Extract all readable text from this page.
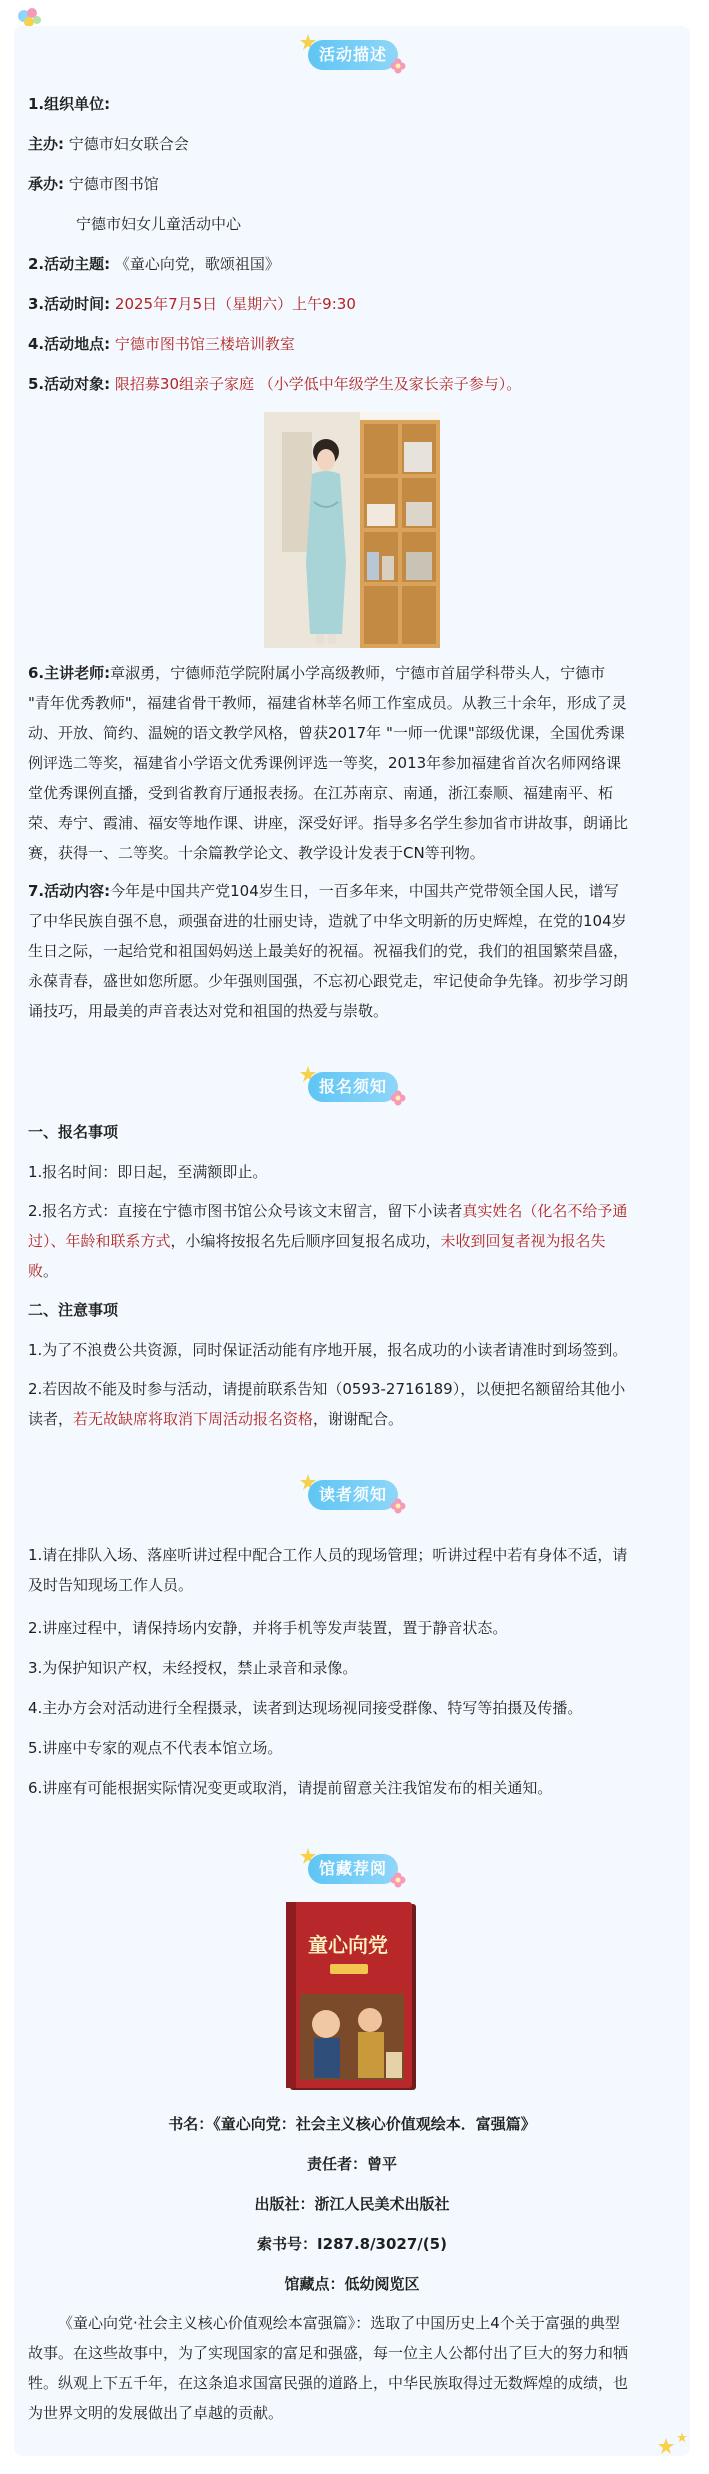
活动描述

1.组织单位:

主办: 宁德市妇女联合会

承办: 宁德市图书馆

宁德市妇女儿童活动中心

2.活动主题: 《童心向党，歌颂祖国》

3.活动时间: 2025年7月5日（星期六）上午9:30

4.活动地点: 宁德市图书馆三楼培训教室

5.活动对象: 限招募30组亲子家庭 （小学低中年级学生及家长亲子参与）。

6.主讲老师:章淑勇，宁德师范学院附属小学高级教师，宁德市首届学科带头人，宁德市

"青年优秀教师"，福建省骨干教师，福建省林莘名师工作室成员。从教三十余年，形成了灵

动、开放、简约、温婉的语文教学风格，曾获2017年 "一师一优课"部级优课，全国优秀课

例评选二等奖，福建省小学语文优秀课例评选一等奖，2013年参加福建省首次名师网络课

堂优秀课例直播，受到省教育厅通报表扬。在江苏南京、南通，浙江泰顺、福建南平、柘

荣、寿宁、霞浦、福安等地作课、讲座，深受好评。指导多名学生参加省市讲故事，朗诵比

赛，获得一、二等奖。十余篇教学论文、教学设计发表于CN等刊物。

7.活动内容:今年是中国共产党104岁生日，一百多年来，中国共产党带领全国人民，谱写

了中华民族自强不息，顽强奋进的壮丽史诗，造就了中华文明新的历史辉煌，在党的104岁

生日之际，一起给党和祖国妈妈送上最美好的祝福。祝福我们的党，我们的祖国繁荣昌盛，

永葆青春，盛世如您所愿。少年强则国强，不忘初心跟党走，牢记使命争先锋。初步学习朗

诵技巧，用最美的声音表达对党和祖国的热爱与崇敬。

报名须知

一、报名事项

1.报名时间：即日起，至满额即止。

2.报名方式：直接在宁德市图书馆公众号该文末留言，留下小读者真实姓名（化名不给予通

过）、年龄和联系方式，小编将按报名先后顺序回复报名成功，未收到回复者视为报名失

败。

二、注意事项

1.为了不浪费公共资源，同时保证活动能有序地开展，报名成功的小读者请准时到场签到。

2.若因故不能及时参与活动，请提前联系告知（0593-2716189），以便把名额留给其他小

读者，若无故缺席将取消下周活动报名资格，谢谢配合。

读者须知

1.请在排队入场、落座听讲过程中配合工作人员的现场管理；听讲过程中若有身体不适，请

及时告知现场工作人员。

2.讲座过程中，请保持场内安静，并将手机等发声装置，置于静音状态。

3.为保护知识产权，未经授权，禁止录音和录像。

4.主办方会对活动进行全程摄录，读者到达现场视同接受群像、特写等拍摄及传播。

5.讲座中专家的观点不代表本馆立场。

6.讲座有可能根据实际情况变更或取消，请提前留意关注我馆发布的相关通知。

馆藏荐阅
童心向党

书名：《童心向党：社会主义核心价值观绘本．富强篇》

责任者：曾平

出版社：浙江人民美术出版社

索书号：I287.8/3027/(5)

馆藏点：低幼阅览区

《童心向党·社会主义核心价值观绘本富强篇》：选取了中国历史上4个关于富强的典型

故事。在这些故事中，为了实现国家的富足和强盛，每一位主人公都付出了巨大的努力和牺

牲。纵观上下五千年，在这条追求国富民强的道路上，中华民族取得过无数辉煌的成绩，也

为世界文明的发展做出了卓越的贡献。
